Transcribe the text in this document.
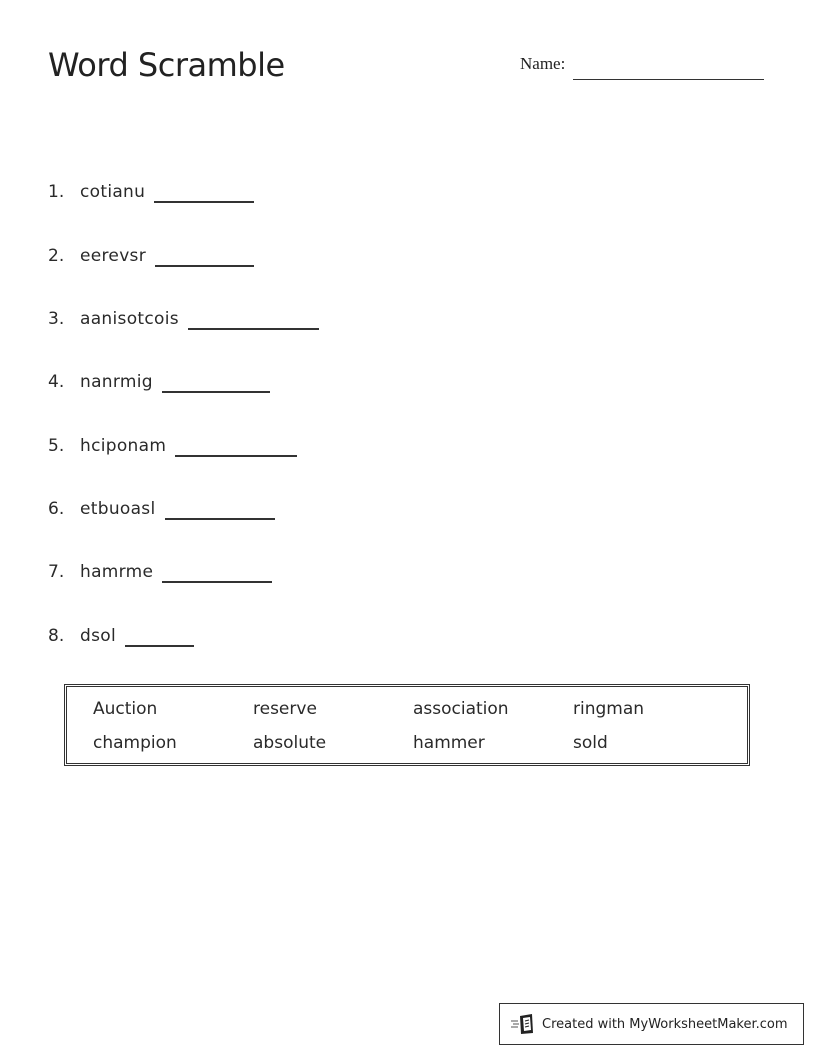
Word Scramble	Name:
1. cotianu
2. eerevsr
3. aanisotcois
4. nanrmig
5. hciponam
6. etbuoasl
7. hamrme
8. dsol
Auction	reserve	association	ringman
champion	absolute	hammer	sold
Created with MyWorksheetMaker.com
